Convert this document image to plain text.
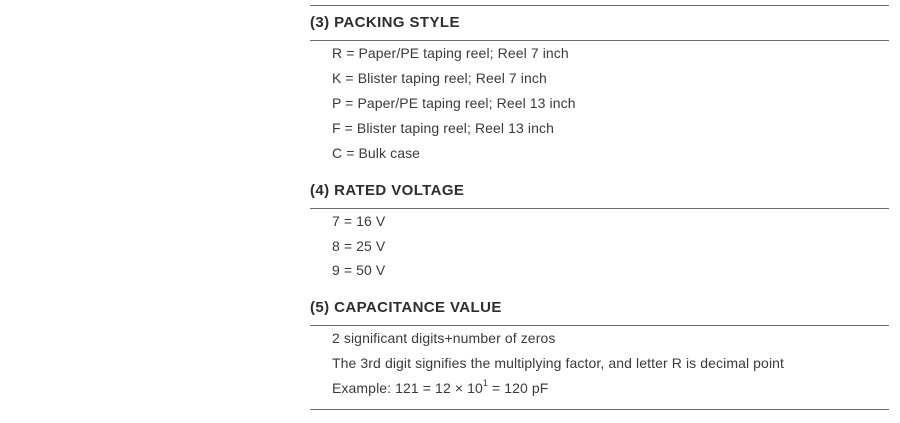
(3) PACKING STYLE
R = Paper/PE taping reel; Reel 7 inch
K = Blister taping reel; Reel 7 inch
P = Paper/PE taping reel; Reel 13 inch
F = Blister taping reel; Reel 13 inch
C = Bulk case
(4) RATED VOLTAGE
7 = 16 V
8 = 25 V
9 = 50 V
(5) CAPACITANCE VALUE
2 significant digits+number of zeros
The 3rd digit signifies the multiplying factor, and letter R is decimal point
Example: $121 = 12 \times 10^1 = 120$ pF
